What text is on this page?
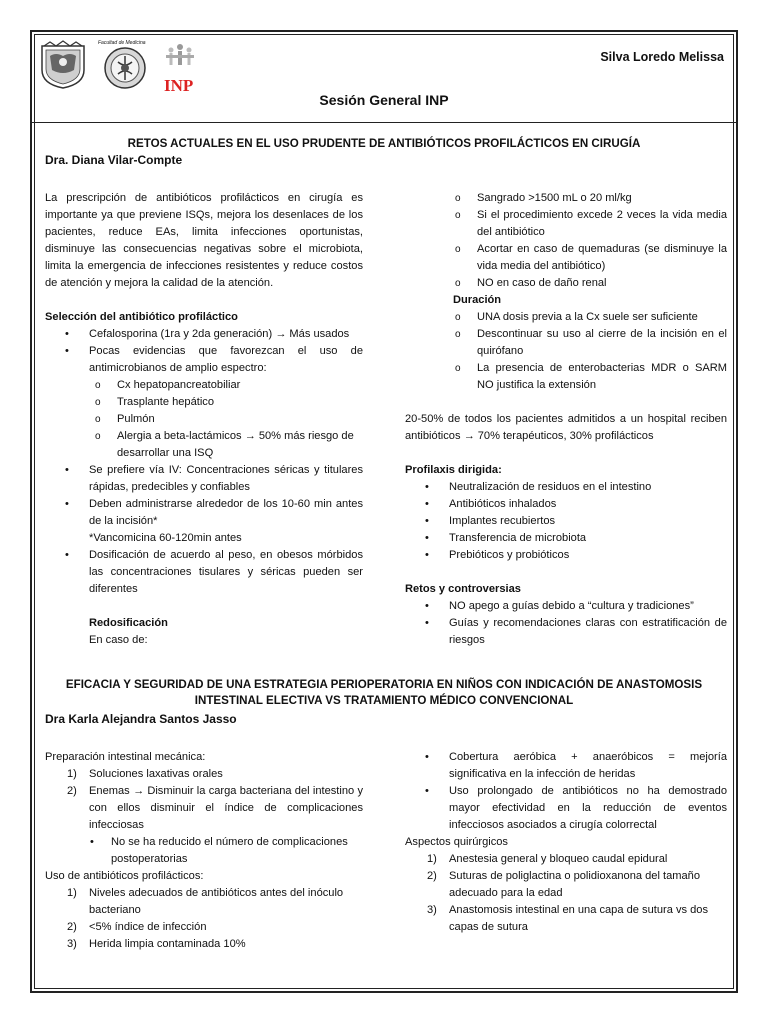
Facultad de Medicina
INP
Silva Loredo Melissa
Sesión General INP
RETOS ACTUALES EN EL USO PRUDENTE DE ANTIBIÓTICOS PROFILÁCTICOS EN CIRUGÍA
Dra. Diana Vilar-Compte

La prescripción de antibióticos profilácticos en cirugía es importante ya que previene ISQs, mejora los desenlaces de los pacientes, reduce EAs, limita infecciones oportunistas, disminuye las consecuencias negativas sobre el microbiota, limita la emergencia de infecciones resistentes y reduce costos de atención y mejora la calidad de la atención.

Selección del antibiótico profiláctico

• Cefalosporina (1ra y 2da generación) → Más usados
• Pocas evidencias que favorezcan el uso de antimicrobianos de amplio espectro:
o Cx hepatopancreatobiliar
o Trasplante hepático
o Pulmón
o Alergia a beta-lactámicos → 50% más riesgo de desarrollar una ISQ
• Se prefiere vía IV: Concentraciones séricas y titulares rápidas, predecibles y confiables
• Deben administrarse alrededor de los 10-60 min antes de la incisión*
*Vancomicina 60-120min antes
• Dosificación de acuerdo al peso, en obesos mórbidos las concentraciones tisulares y séricas pueden ser diferentes

Redosificación

En caso de:

o Sangrado >1500 mL o 20 ml/kg
o Si el procedimiento excede 2 veces la vida media del antibiótico
o Acortar en caso de quemaduras (se disminuye la vida media del antibiótico)
o NO en caso de daño renal

Duración

o UNA dosis previa a la Cx suele ser suficiente
o Descontinuar su uso al cierre de la incisión en el quirófano
o La presencia de enterobacterias MDR o SARM NO justifica la extensión

20-50% de todos los pacientes admitidos a un hospital reciben antibióticos → 70% terapéuticos, 30% profilácticos

Profilaxis dirigida:

• Neutralización de residuos en el intestino
• Antibióticos inhalados
• Implantes recubiertos
• Transferencia de microbiota
• Prebióticos y probióticos

Retos y controversias

• NO apego a guías debido a “cultura y tradiciones”
• Guías y recomendaciones claras con estratificación de riesgos
EFICACIA Y SEGURIDAD DE UNA ESTRATEGIA PERIOPERATORIA EN NIÑOS CON INDICACIÓN DE ANASTOMOSIS
INTESTINAL ELECTIVA VS TRATAMIENTO MÉDICO CONVENCIONAL
Dra Karla Alejandra Santos Jasso

Preparación intestinal mecánica:

1) Soluciones laxativas orales
2) Enemas → Disminuir la carga bacteriana del intestino y con ellos disminuir el índice de complicaciones infecciosas
• No se ha reducido el número de complicaciones postoperatorias

Uso de antibióticos profilácticos:

1) Niveles adecuados de antibióticos antes del inóculo bacteriano
2) <5% índice de infección
3) Herida limpia contaminada 10%
• Cobertura aeróbica + anaeróbicos = mejoría significativa en la infección de heridas
• Uso prolongado de antibióticos no ha demostrado mayor efectividad en la reducción de eventos infecciosos asociados a cirugía colorrectal

Aspectos quirúrgicos

1) Anestesia general y bloqueo caudal epidural
2) Suturas de poliglactina o polidioxanona del tamaño adecuado para la edad
3) Anastomosis intestinal en una capa de sutura vs dos capas de sutura
